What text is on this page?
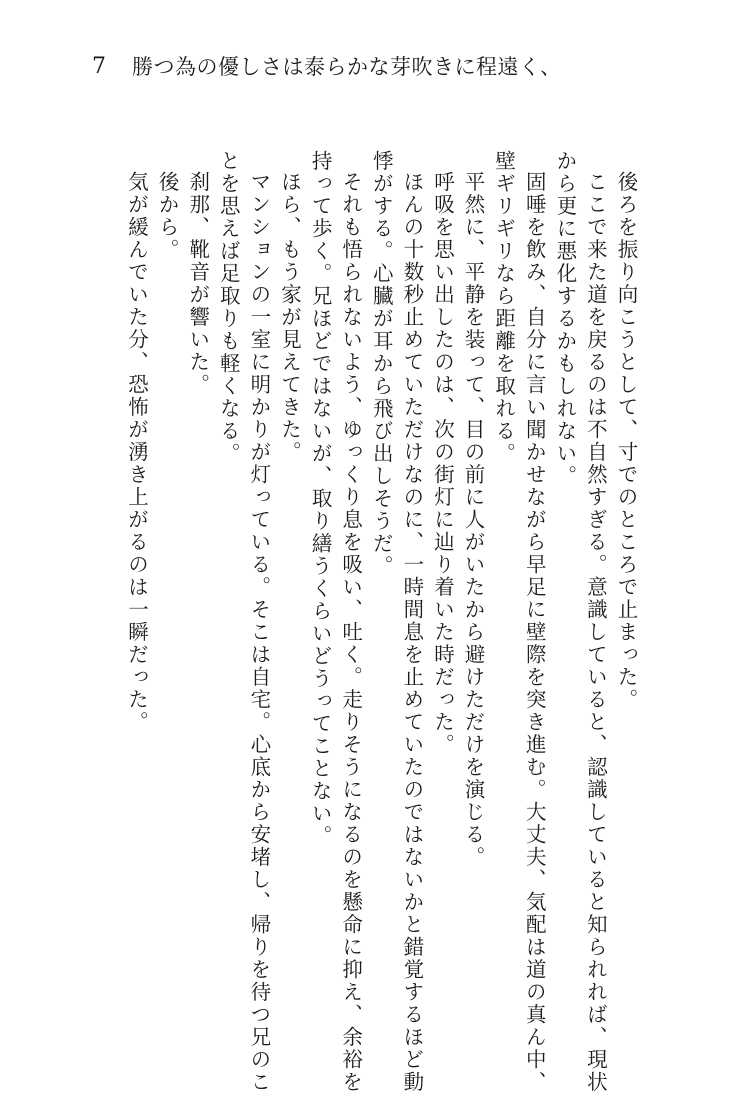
7 勝つ為の優しさは泰らかな芽吹きに程遠く、

後ろを振り向こうとして、寸でのところで止まった。

ここで来た道を戻るのは不自然すぎる。意識していると、認識していると知られれば、現状

から更に悪化するかもしれない。

固唾を飲み、自分に言い聞かせながら早足に壁際を突き進む。大丈夫、気配は道の真ん中、

壁ギリギリなら距離を取れる。

平然に、平静を装って、目の前に人がいたから避けただけを演じる。

呼吸を思い出したのは、次の街灯に辿り着いた時だった。

ほんの十数秒止めていただけなのに、一時間息を止めていたのではないかと錯覚するほど動

悸がする。心臓が耳から飛び出しそうだ。

それも悟られないよう、ゆっくり息を吸い、吐く。走りそうになるのを懸命に抑え、余裕を

持って歩く。兄ほどではないが、取り繕うくらいどうってことない。

ほら、もう家が見えてきた。

マンションの一室に明かりが灯っている。そこは自宅。心底から安堵し、帰りを待つ兄のこ

とを思えば足取りも軽くなる。

刹那、靴音が響いた。

後から。

気が緩んでいた分、恐怖が湧き上がるのは一瞬だった。
